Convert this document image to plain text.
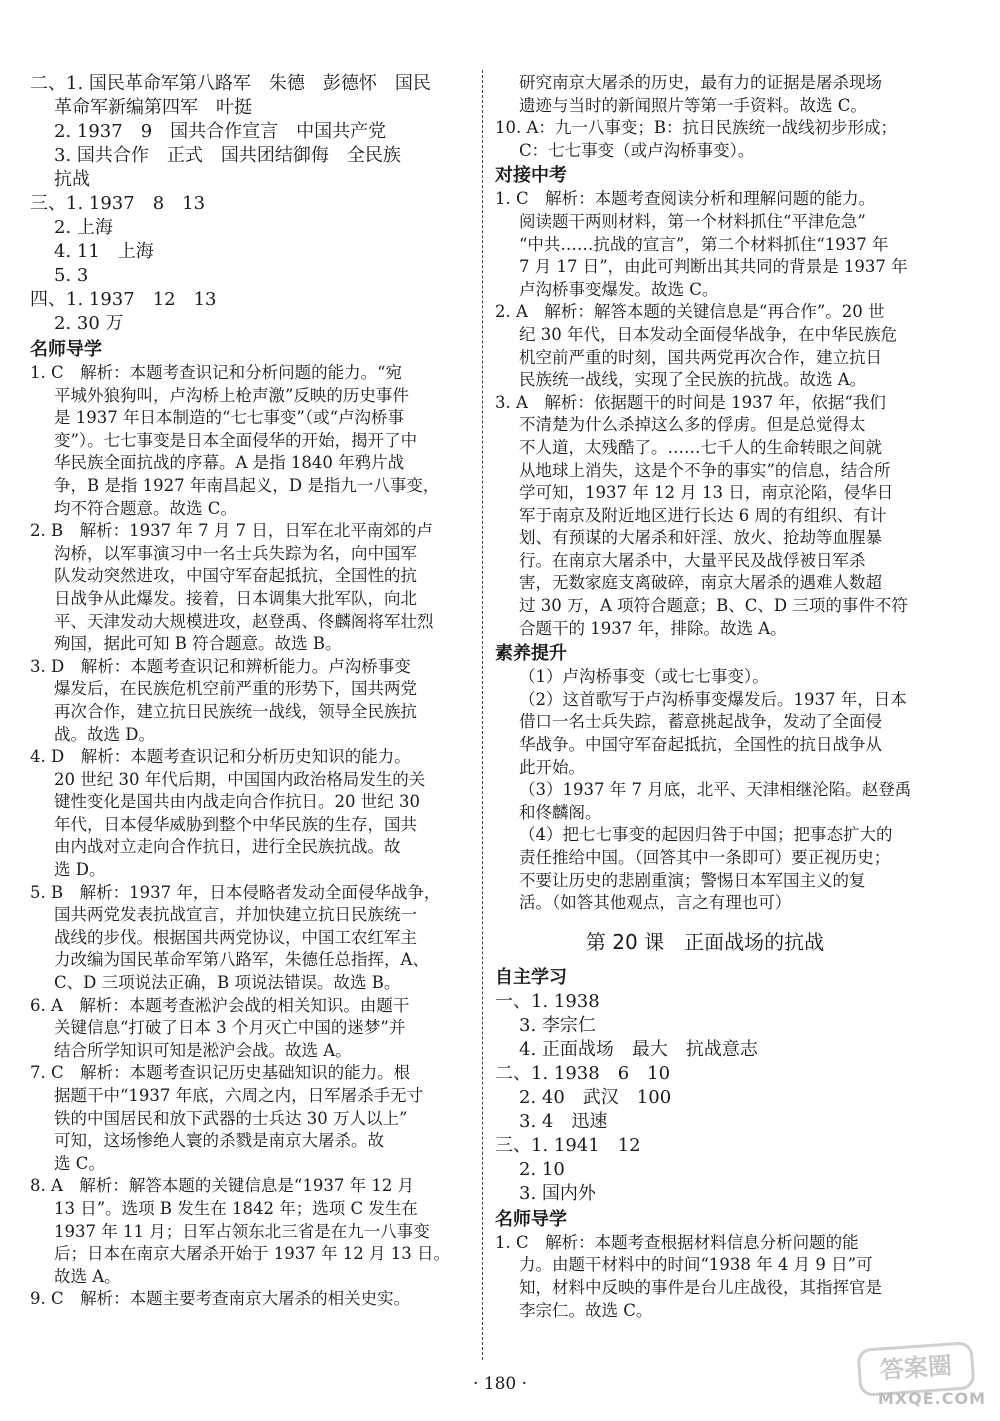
二、1. 国民革命军第八路军　朱德　彭德怀　国民
革命军新编第四军　叶挺
2. 1937　9　国共合作宣言　中国共产党
3. 国共合作　正式　国共团结御侮　全民族
抗战
三、1. 1937　8　13
2. 上海
4. 11　上海
5. 3
四、1. 1937　12　13
2. 30 万
名师导学
1. C　解析：本题考查识记和分析问题的能力。“宛
平城外狼狗叫，卢沟桥上枪声激”反映的历史事件
是 1937 年日本制造的“七七事变”（或“卢沟桥事
变”）。七七事变是日本全面侵华的开始，揭开了中
华民族全面抗战的序幕。A 是指 1840 年鸦片战
争，B 是指 1927 年南昌起义，D 是指九一八事变，
均不符合题意。故选 C。
2. B　解析：1937 年 7 月 7 日，日军在北平南郊的卢
沟桥，以军事演习中一名士兵失踪为名，向中国军
队发动突然进攻，中国守军奋起抵抗，全国性的抗
日战争从此爆发。接着，日本调集大批军队，向北
平、天津发动大规模进攻，赵登禹、佟麟阁将军壮烈
殉国，据此可知 B 符合题意。故选 B。
3. D　解析：本题考查识记和辨析能力。卢沟桥事变
爆发后，在民族危机空前严重的形势下，国共两党
再次合作，建立抗日民族统一战线，领导全民族抗
战。故选 D。
4. D　解析：本题考查识记和分析历史知识的能力。
20 世纪 30 年代后期，中国国内政治格局发生的关
键性变化是国共由内战走向合作抗日。20 世纪 30
年代，日本侵华威胁到整个中华民族的生存，国共
由内战对立走向合作抗日，进行全民族抗战。故
选 D。
5. B　解析：1937 年，日本侵略者发动全面侵华战争，
国共两党发表抗战宣言，并加快建立抗日民族统一
战线的步伐。根据国共两党协议，中国工农红军主
力改编为国民革命军第八路军，朱德任总指挥，A、
C、D 三项说法正确，B 项说法错误。故选 B。
6. A　解析：本题考查淞沪会战的相关知识。由题干
关键信息“打破了日本 3 个月灭亡中国的迷梦”并
结合所学知识可知是淞沪会战。故选 A。
7. C　解析：本题考查识记历史基础知识的能力。根
据题干中“1937 年底，六周之内，日军屠杀手无寸
铁的中国居民和放下武器的士兵达 30 万人以上”
可知，这场惨绝人寰的杀戮是南京大屠杀。故
选 C。
8. A　解析：解答本题的关键信息是“1937 年 12 月
13 日”。选项 B 发生在 1842 年；选项 C 发生在
1937 年 11 月；日军占领东北三省是在九一八事变
后；日本在南京大屠杀开始于 1937 年 12 月 13 日。
故选 A。
9. C　解析：本题主要考查南京大屠杀的相关史实。
研究南京大屠杀的历史，最有力的证据是屠杀现场
遗迹与当时的新闻照片等第一手资料。故选 C。
10. A：九一八事变；B：抗日民族统一战线初步形成；
C：七七事变（或卢沟桥事变）。
对接中考
1. C　解析：本题考查阅读分析和理解问题的能力。
阅读题干两则材料，第一个材料抓住“平津危急”
“中共……抗战的宣言”，第二个材料抓住“1937 年
7 月 17 日”，由此可判断出其共同的背景是 1937 年
卢沟桥事变爆发。故选 C。
2. A　解析：解答本题的关键信息是“再合作”。20 世
纪 30 年代，日本发动全面侵华战争，在中华民族危
机空前严重的时刻，国共两党再次合作，建立抗日
民族统一战线，实现了全民族的抗战。故选 A。
3. A　解析：依据题干的时间是 1937 年，依据“我们
不清楚为什么杀掉这么多的俘虏。但是总觉得太
不人道，太残酷了。……七千人的生命转眼之间就
从地球上消失，这是个不争的事实”的信息，结合所
学可知，1937 年 12 月 13 日，南京沦陷，侵华日
军于南京及附近地区进行长达 6 周的有组织、有计
划、有预谋的大屠杀和奸淫、放火、抢劫等血腥暴
行。在南京大屠杀中，大量平民及战俘被日军杀
害，无数家庭支离破碎，南京大屠杀的遇难人数超
过 30 万，A 项符合题意；B、C、D 三项的事件不符
合题干的 1937 年，排除。故选 A。
素养提升
（1）卢沟桥事变（或七七事变）。
（2）这首歌写于卢沟桥事变爆发后。1937 年，日本
借口一名士兵失踪，蓄意挑起战争，发动了全面侵
华战争。中国守军奋起抵抗，全国性的抗日战争从
此开始。
（3）1937 年 7 月底，北平、天津相继沦陷。赵登禹
和佟麟阁。
（4）把七七事变的起因归咎于中国；把事态扩大的
责任推给中国。（回答其中一条即可）要正视历史；
不要让历史的悲剧重演；警惕日本军国主义的复
活。（如答其他观点，言之有理也可）
第 20 课　正面战场的抗战
自主学习
一、1. 1938
3. 李宗仁
4. 正面战场　最大　抗战意志
二、1. 1938　6　10
2. 40　武汉　100
3. 4　迅速
三、1. 1941　12
2. 10
3. 国内外
名师导学
1. C　解析：本题考查根据材料信息分析问题的能
力。由题干材料中的时间“1938 年 4 月 9 日”可
知，材料中反映的事件是台儿庄战役，其指挥官是
李宗仁。故选 C。
· 180 ·	答案圈
MXQE.COM
